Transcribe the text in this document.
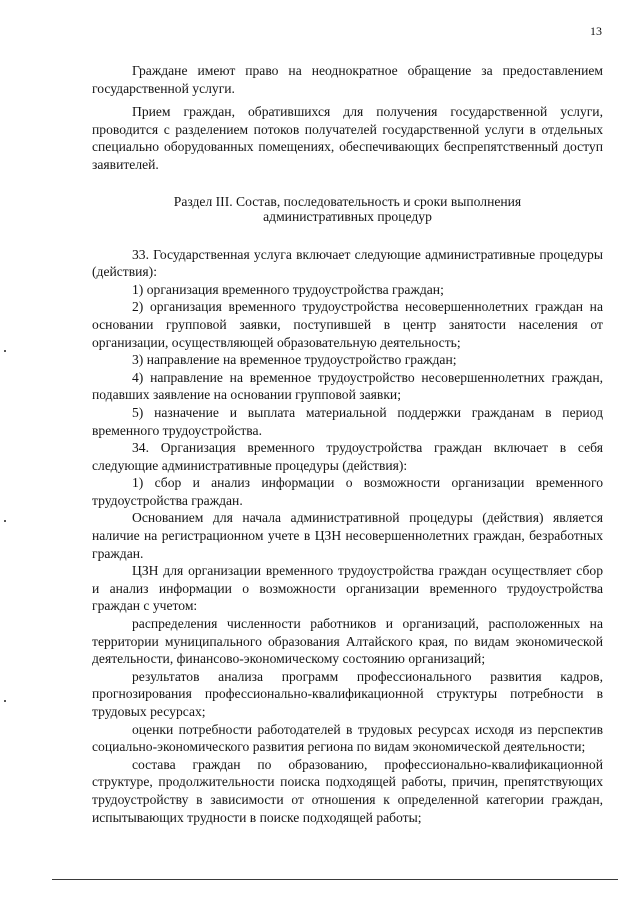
13

Граждане имеют право на неоднократное обращение за предоставлением государственной услуги.

Прием граждан, обратившихся для получения государственной услуги, проводится с разделением потоков получателей государственной услуги в отдельных специально оборудованных помещениях, обеспечивающих беспрепятственный доступ заявителей.

Раздел III. Состав, последовательность и сроки выполнения
административных процедур

33. Государственная услуга включает следующие административные процедуры (действия):

1) организация временного трудоустройства граждан;

2) организация временного трудоустройства несовершеннолетних граждан на основании групповой заявки, поступившей в центр занятости населения от организации, осуществляющей образовательную деятельность;

3) направление на временное трудоустройство граждан;

4) направление на временное трудоустройство несовершеннолетних граждан, подавших заявление на основании групповой заявки;

5) назначение и выплата материальной поддержки гражданам в период временного трудоустройства.

34. Организация временного трудоустройства граждан включает в себя следующие административные процедуры (действия):

1) сбор и анализ информации о возможности организации временного трудоустройства граждан.

Основанием для начала административной процедуры (действия) является наличие на регистрационном учете в ЦЗН несовершеннолетних граждан, безработных граждан.

ЦЗН для организации временного трудоустройства граждан осуществляет сбор и анализ информации о возможности организации временного трудоустройства граждан с учетом:

распределения численности работников и организаций, расположенных на территории муниципального образования Алтайского края, по видам экономической деятельности, финансово-экономическому состоянию организаций;

результатов анализа программ профессионального развития кадров, прогнозирования профессионально-квалификационной структуры потребности в трудовых ресурсах;

оценки потребности работодателей в трудовых ресурсах исходя из перспектив социально-экономического развития региона по видам экономической деятельности;

состава граждан по образованию, профессионально-квалификационной структуре, продолжительности поиска подходящей работы, причин, препятствующих трудоустройству в зависимости от отношения к определенной категории граждан, испытывающих трудности в поиске подходящей работы;
